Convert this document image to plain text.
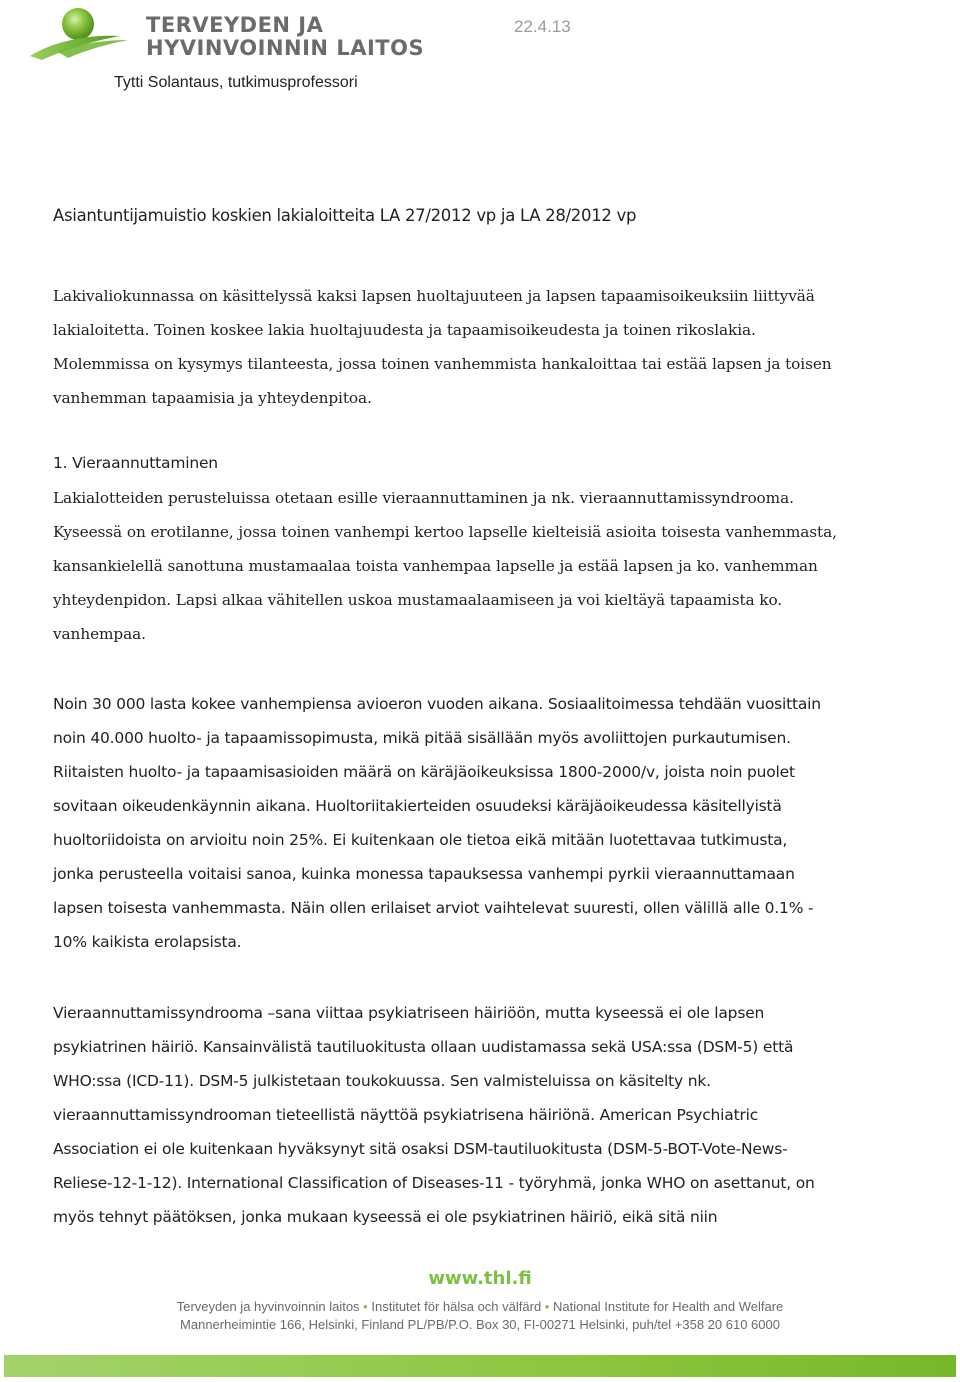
TERVEYDEN JA
HYVINVOINNIN LAITOS
22.4.13
Tytti Solantaus, tutkimusprofessori
Asiantuntijamuistio koskien lakialoitteita LA 27/2012 vp ja LA 28/2012 vp

Lakivaliokunnassa on käsittelyssä kaksi lapsen huoltajuuteen ja lapsen tapaamisoikeuksiin liittyvää
lakialoitetta. Toinen koskee lakia huoltajuudesta ja tapaamisoikeudesta ja toinen rikoslakia.
Molemmissa on kysymys tilanteesta, jossa toinen vanhemmista hankaloittaa tai estää lapsen ja toisen
vanhemman tapaamisia ja yhteydenpitoa.

1. Vieraannuttaminen

Lakialotteiden perusteluissa otetaan esille vieraannuttaminen ja nk. vieraannuttamissyndrooma.
Kyseessä on erotilanne, jossa toinen vanhempi kertoo lapselle kielteisiä asioita toisesta vanhemmasta,
kansankielellä sanottuna mustamaalaa toista vanhempaa lapselle ja estää lapsen ja ko. vanhemman
yhteydenpidon. Lapsi alkaa vähitellen uskoa mustamaalaamiseen ja voi kieltäyä tapaamista ko.
vanhempaa.

Noin 30 000 lasta kokee vanhempiensa avioeron vuoden aikana. Sosiaalitoimessa tehdään vuosittain
noin 40.000 huolto- ja tapaamissopimusta, mikä pitää sisällään myös avoliittojen purkautumisen.
Riitaisten huolto- ja tapaamisasioiden määrä on käräjäoikeuksissa 1800-2000/v, joista noin puolet
sovitaan oikeudenkäynnin aikana. Huoltoriitakierteiden osuudeksi käräjäoikeudessa käsitellyistä
huoltoriidoista on arvioitu noin 25%. Ei kuitenkaan ole tietoa eikä mitään luotettavaa tutkimusta,
jonka perusteella voitaisi sanoa, kuinka monessa tapauksessa vanhempi pyrkii vieraannuttamaan
lapsen toisesta vanhemmasta. Näin ollen erilaiset arviot vaihtelevat suuresti, ollen välillä alle 0.1% -
10% kaikista erolapsista.

Vieraannuttamissyndrooma –sana viittaa psykiatriseen häiriöön, mutta kyseessä ei ole lapsen
psykiatrinen häiriö. Kansainvälistä tautiluokitusta ollaan uudistamassa sekä USA:ssa (DSM-5) että
WHO:ssa (ICD-11). DSM-5 julkistetaan toukokuussa. Sen valmisteluissa on käsitelty nk.
vieraannuttamissyndrooman tieteellistä näyttöä psykiatrisena häiriönä. American Psychiatric
Association ei ole kuitenkaan hyväksynyt sitä osaksi DSM-tautiluokitusta (DSM-5-BOT-Vote-News-
Reliese-12-1-12). International Classification of Diseases-11 - työryhmä, jonka WHO on asettanut, on
myös tehnyt päätöksen, jonka mukaan kyseessä ei ole psykiatrinen häiriö, eikä sitä niin

www.thl.fi
Terveyden ja hyvinvoinnin laitos • Institutet för hälsa och välfärd • National Institute for Health and Welfare
Mannerheimintie 166, Helsinki, Finland PL/PB/P.O. Box 30, FI-00271 Helsinki, puh/tel +358 20 610 6000
